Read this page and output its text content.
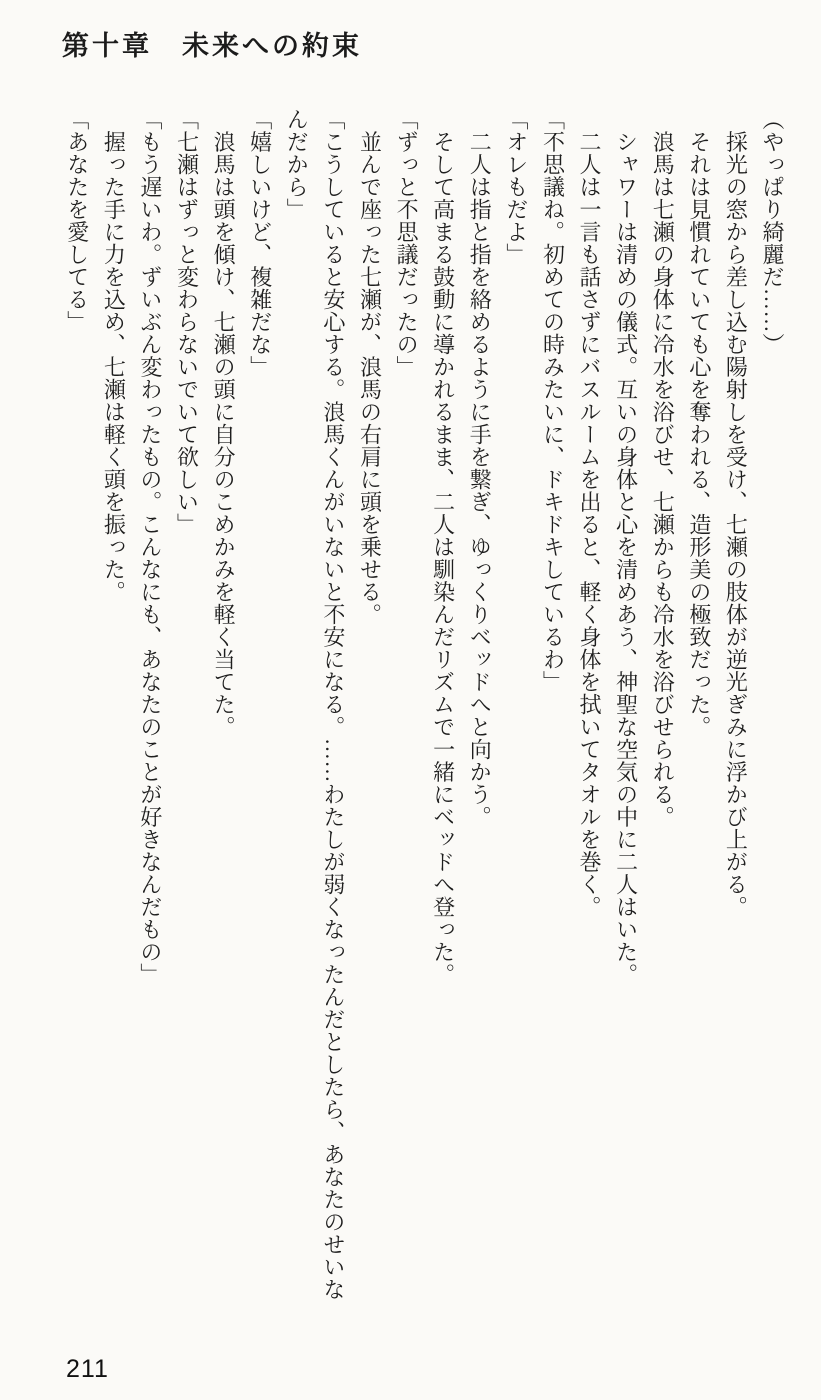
第十章　未来への約束

（やっぱり綺麗だ……）

　採光の窓から差し込む陽射しを受け、七瀬の肢体が逆光ぎみに浮かび上がる。

　それは見慣れていても心を奪われる、造形美の極致だった。

　浪馬は七瀬の身体に冷水を浴びせ、七瀬からも冷水を浴びせられる。

　シャワーは清めの儀式。互いの身体と心を清めあう、神聖な空気の中に二人はいた。

　二人は一言も話さずにバスルームを出ると、軽く身体を拭いてタオルを巻く。

「不思議ね。初めての時みたいに、ドキドキしているわ」

「オレもだよ」

　二人は指と指を絡めるように手を繋ぎ、ゆっくりベッドへと向かう。

　そして高まる鼓動に導かれるまま、二人は馴染んだリズムで一緒にベッドへ登った。

「ずっと不思議だったの」

　並んで座った七瀬が、浪馬の右肩に頭を乗せる。

「こうしていると安心する。浪馬くんがいないと不安になる。……わたしが弱くなったんだとしたら、あなたのせいな

んだから」

「嬉しいけど、複雑だな」

　浪馬は頭を傾け、七瀬の頭に自分のこめかみを軽く当てた。

「七瀬はずっと変わらないでいて欲しい」

「もう遅いわ。ずいぶん変わったもの。こんなにも、あなたのことが好きなんだもの」

　握った手に力を込め、七瀬は軽く頭を振った。

「あなたを愛してる」

211
